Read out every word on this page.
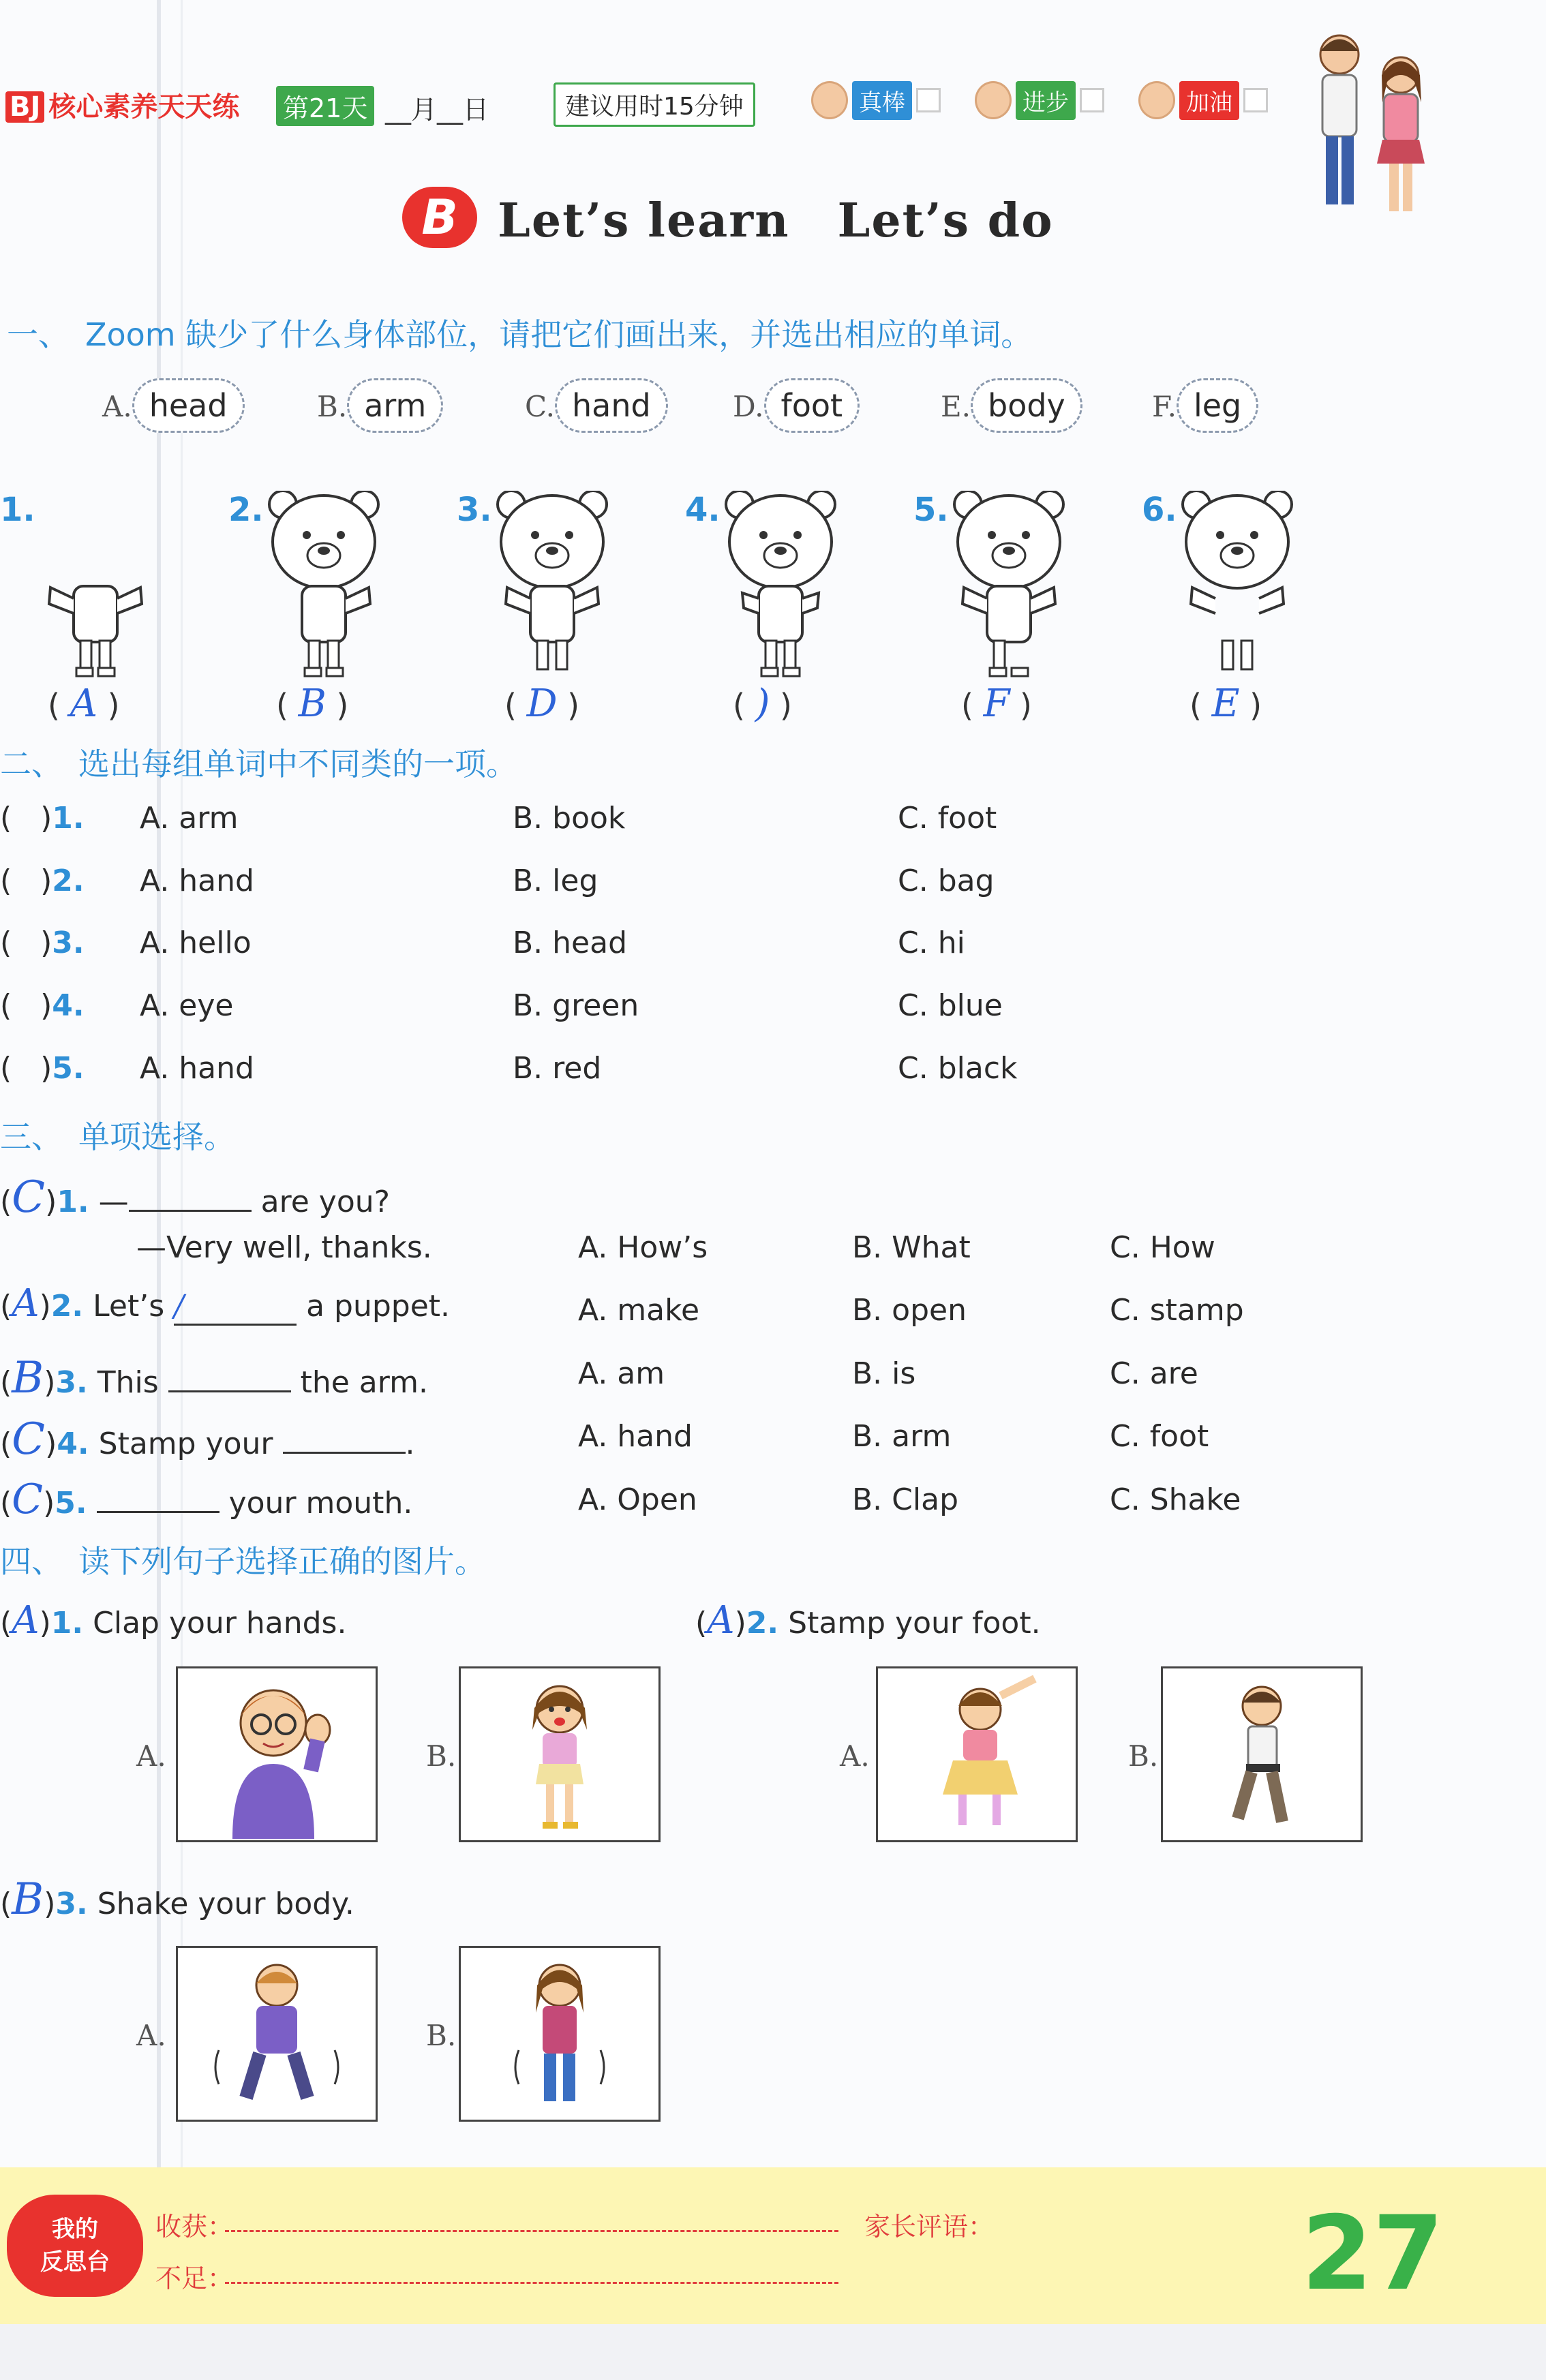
BJ 核心素养天天练 第21天 __月__日	建议用时15分钟	真棒	进步	加油
B Let’s learn　Let’s do
一、　Zoom 缺少了什么身体部位，请把它们画出来，并选出相应的单词。
A. head	B. arm	C. hand	D. foot	E. body	F. leg
1.	2.	3.	4.	5.	6.
( A )	( B )	( D )	( ) )	( F )	( E )
二、　选出每组单词中不同类的一项。
(   )1. A. arm	B. book	C. foot
(   )2. A. hand	B. leg	C. bag
(   )3. A. hello	B. head	C. hi
(   )4. A. eye	B. green	C. blue
(   )5. A. hand	B. red	C. black
三、　单项选择。
(C)1. —	are you?
—Very well, thanks.	A. How’s	B. What	C. How
(A)2. Let’s /	a puppet.	A. make	B. open	C. stamp
(B)3. This	the arm.	A. am	B. is	C. are
(C)4. Stamp your	.	A. hand	B. arm	C. foot
(C)5.	your mouth.	A. Open	B. Clap	C. Shake
四、　读下列句子选择正确的图片。
(A)1. Clap your hands.	(A)2. Stamp your foot.
A.	B.	A.	B.
(B)3. Shake your body.
A.	B.
我的
反思台
收获：
不足：
家长评语：	27
